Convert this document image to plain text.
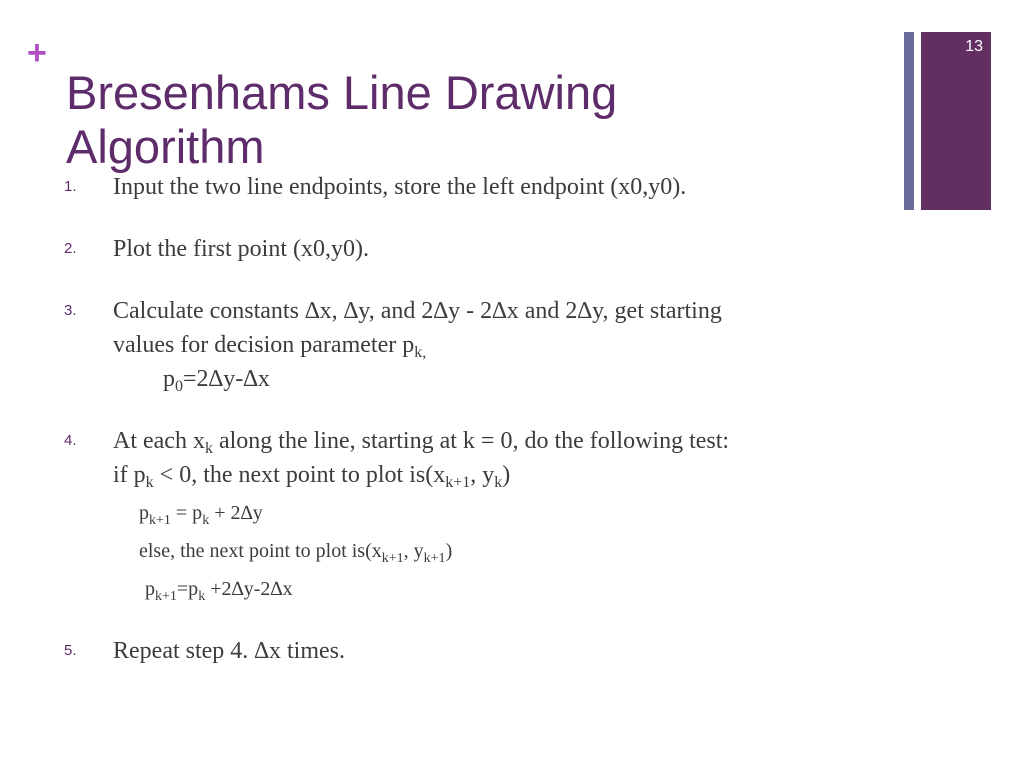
+
Bresenhams Line Drawing Algorithm
13
1. Input the two line endpoints, store the left endpoint (x0,y0).
2. Plot the first point (x0,y0).
3. Calculate constants ∆x, ∆y, and 2∆y - 2∆x and 2∆y, get starting
values for decision parameter $p_{k,}$
$p_0=2\Delta y-\Delta x$
4. At each $x_k$ along the line, starting at k = 0, do the following test:
if $p_k < 0$, the next point to plot $is(x_{k+1}$, $y_k$)
$p_{k+1} = p_k + 2\Delta y$
else, the next point to plot $is(x_{k+1}$, $y_{k+1}$)
$p_{k+1}=p_k +2\Delta y-2\Delta x$
5. Repeat step 4. ∆x times.
